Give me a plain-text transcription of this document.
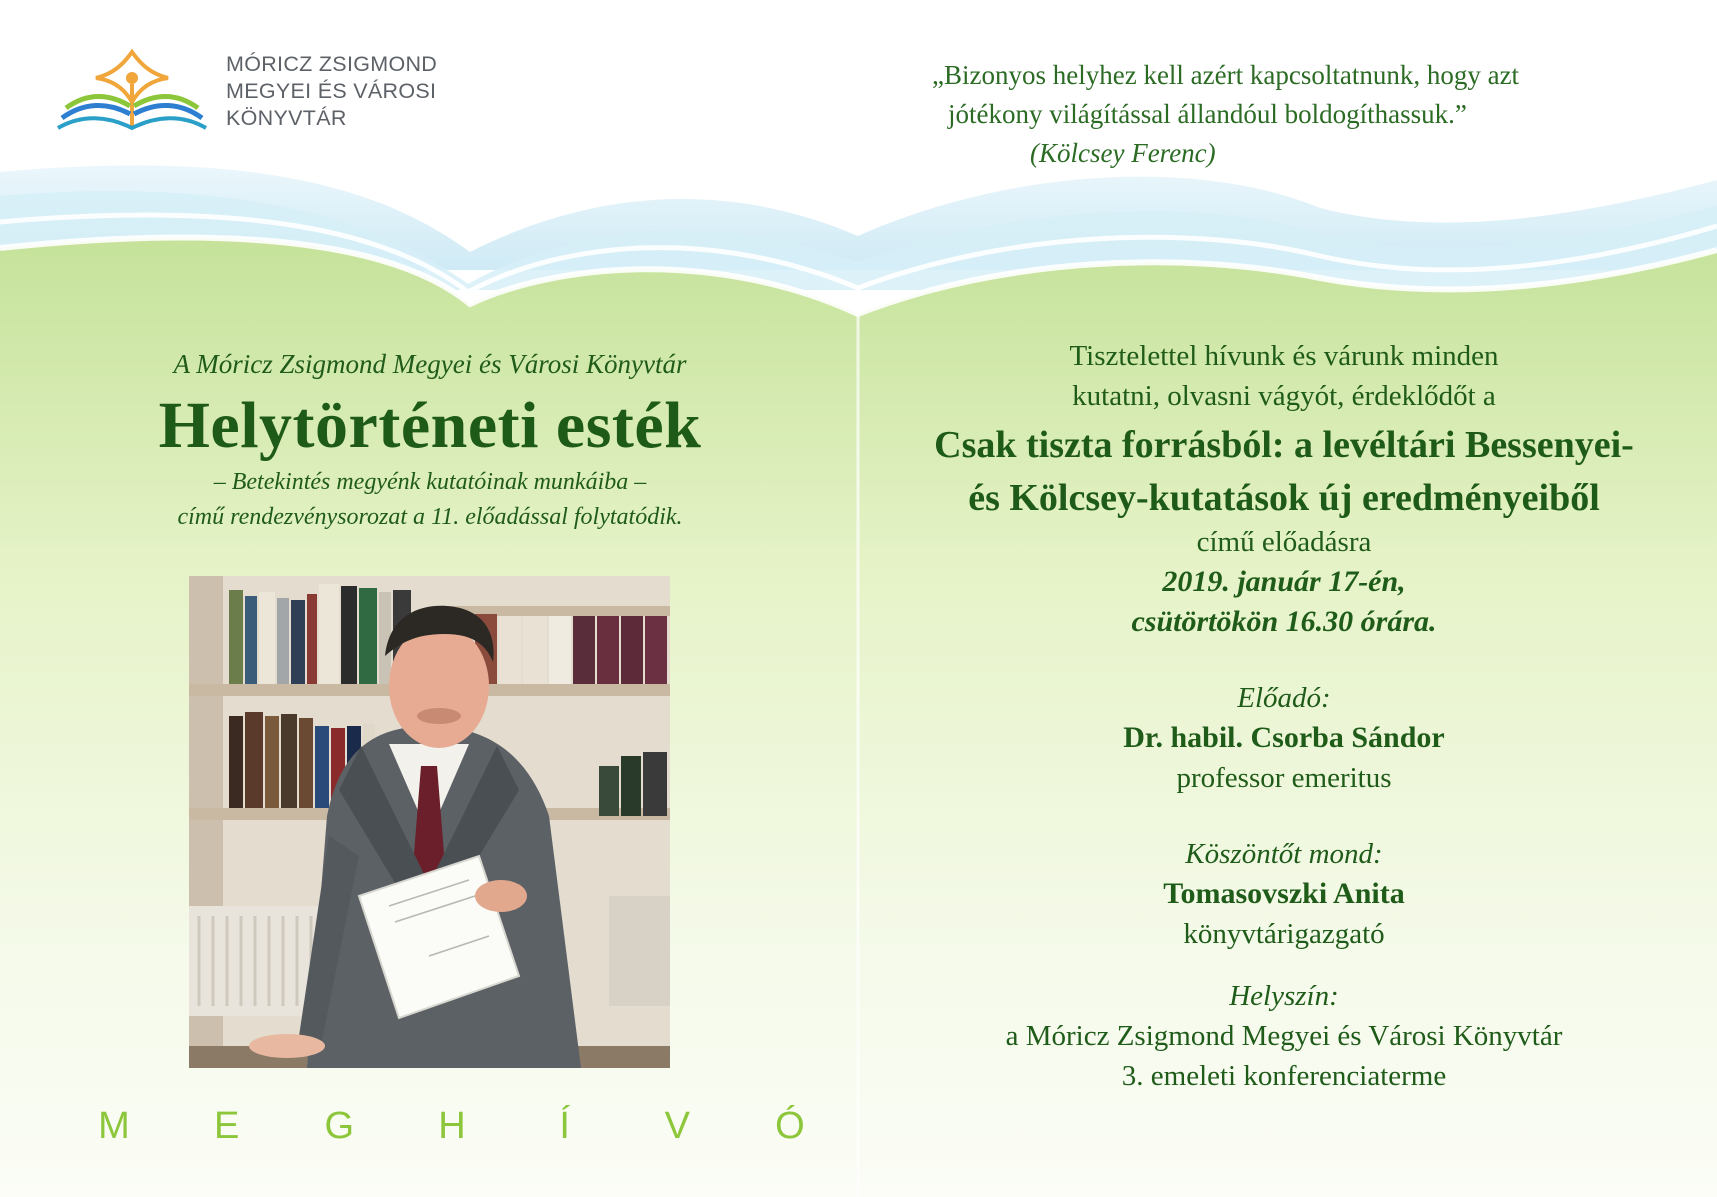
MÓRICZ ZSIGMOND
MEGYEI ÉS VÁROSI
KÖNYVTÁR
„Bizonyos helyhez kell azért kapcsoltatnunk, hogy azt
jótékony világítással állandóul boldogíthassuk.”
(Kölcsey Ferenc)
A Móricz Zsigmond Megyei és Városi Könyvtár
Helytörténeti esték
– Betekintés megyénk kutatóinak munkáiba –
című rendezvénysorozat a 11. előadással folytatódik.
M E G H	Í	V Ó

Tisztelettel hívunk és várunk minden

kutatni, olvasni vágyót, érdeklődőt a

Csak tiszta forrásból: a levéltári Bessenyei-

és Kölcsey-kutatások új eredményeiből

című előadásra

2019. január 17-én,

csütörtökön 16.30 órára.

Előadó:

Dr. habil. Csorba Sándor

professor emeritus

Köszöntőt mond:

Tomasovszki Anita

könyvtárigazgató

Helyszín:

a Móricz Zsigmond Megyei és Városi Könyvtár

3. emeleti konferenciaterme
